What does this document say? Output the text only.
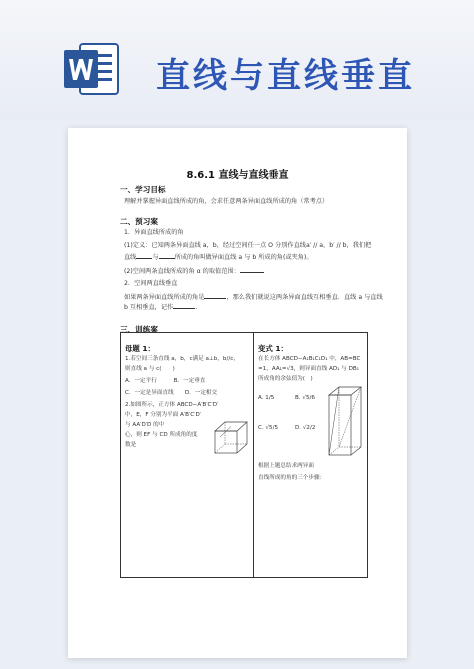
直线与直线垂直
8.6.1 直线与直线垂直
一、学习目标
理解并掌握异面直线所成的角，会求任意两条异面直线所成的角（常考点）
二、预习案
1．异面直线所成的角
(1)定义：已知两条异面直线 a，b，经过空间任一点 O 分别作直线a′ // a，b′ // b，我们把
直线	与	所成的角叫做异面直线 a 与 b 所成的角(或夹角)。
(2)空间两条直线所成的角 α 的取值范围：
2．空间两直线垂直
如果两条异面直线所成的角是	，那么我们就说这两条异面直线互相垂直．直线 a 与直线
b 互相垂直，记作	.
三、训练案
母题 1：
1.若空间三条直线 a，b，c满足 a⊥b，b//c，
则直线 a 与 c(　　)
A．一定平行　　　B．一定垂直
C．一定是异面直线　　D．一定相交
2.如图所示，正方体 ABCD−A′B′C′D′
中，E，F 分别为平面 A′B′C′D′
与 AA′D′D 的中
心，则 EF 与 CD 所成角的度
数是
变式 1：
在长方体 ABCD−A₁B₁C₁D₁ 中，AB=BC
=1，AA₁=√3，则异面直线 AD₁ 与 DB₁
所成角的余弦值为(　)
A. 1/5	B. √5/6
C. √5/5	D. √2/2
根据上题总结求两异面
直线所成的角的三个步骤：
